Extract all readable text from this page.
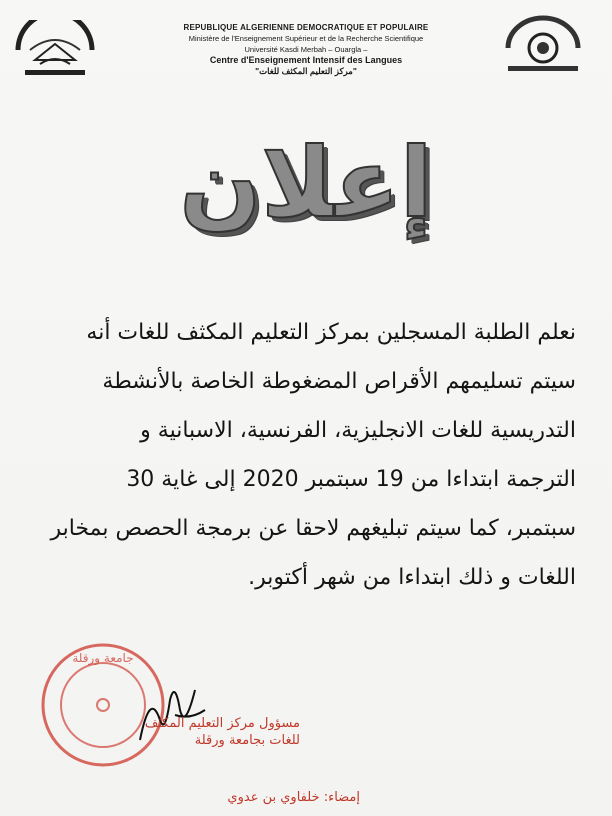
REPUBLIQUE ALGERIENNE DEMOCRATIQUE ET POPULAIRE
Ministère de l'Enseignement Supérieur et de la Recherche Scientifique
Université Kasdi Merbah – Ouargla –
Centre d'Enseignement Intensif des Langues
"مركز التعليم المكثف للغات"
إعلان
نعلم الطلبة المسجلين بمركز التعليم المكثف للغات أنه
سيتم تسليمهم الأقراص المضغوطة الخاصة بالأنشطة
التدريسية للغات الانجليزية، الفرنسية، الاسبانية و
الترجمة ابتداءا من 19 سبتمبر 2020 إلى غاية 30
سبتمبر، كما سيتم تبليغهم لاحقا عن برمجة الحصص بمخابر
اللغات و ذلك ابتداءا من شهر أكتوبر.
جامعة ورقلة
مسؤول مركز التعليم المكثف
للغات بجامعة ورقلة
إمضاء: خلفاوي بن عدوي
